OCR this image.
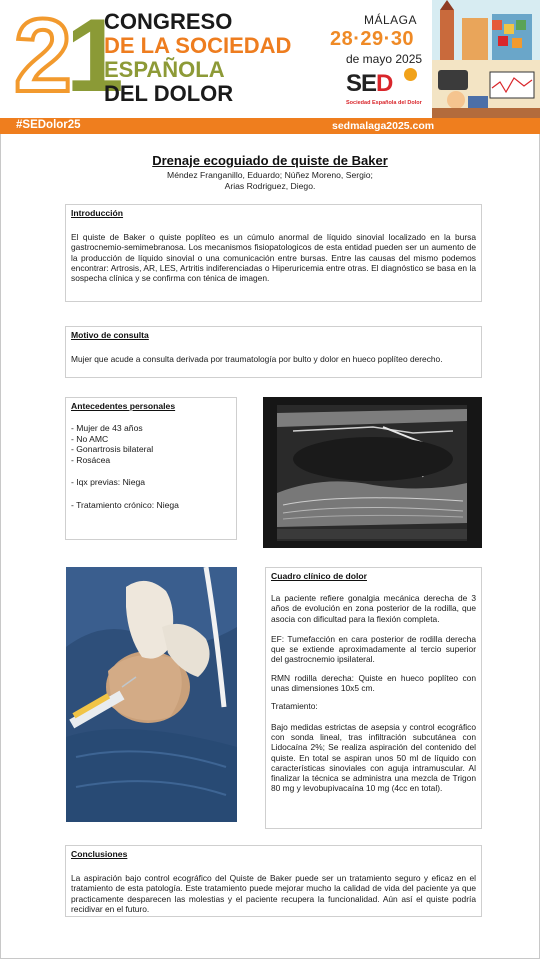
21
CONGRESO
DE LA SOCIEDAD
ESPAÑOLA
DEL DOLOR
MÁLAGA
28·29·30
de mayo 2025
SED
Sociedad Española del Dolor
#SEDolor25	sedmalaga2025.com
Drenaje ecoguiado de quiste de Baker
Méndez Franganillo, Eduardo; Núñez Moreno, Sergio;
Arias Rodriguez, Diego.
Introducción

El quiste de Baker o quiste poplíteo es un cúmulo anormal de líquido sinovial localizado en la bursa gastrocnemio-semimebranosa. Los mecanismos fisiopatologicos de esta entidad pueden ser un aumento de la producción de líquido sinovial o una comunicación entre bursas. Entre las causas del mismo podemos encontrar: Artrosis, AR, LES, Artritis indiferenciadas o Hiperuricemia entre otras. El diagnóstico se basa en la sospecha clínica y se confirma con ténica de imagen.

Motivo de consulta

Mujer que acude a consulta derivada por traumatología por bulto y dolor en hueco poplíteo derecho.

Antecedentes personales
- Mujer de 43 años
- No AMC
- Gonartrosis bilateral
- Rosácea
- Iqx previas: Niega
- Tratamiento crónico: Niega
Cuadro clínico de dolor

La paciente refiere gonalgia mecánica derecha de 3 años de evolución en zona posterior de la rodilla, que asocia con dificultad para la flexión completa.

EF: Tumefacción en cara posterior de rodilla derecha que se extiende aproximadamente al tercio superior del gastrocnemio ipsilateral.

RMN rodilla derecha: Quiste en hueco poplíteo con unas dimensiones 10x5 cm.

Tratamiento:

Bajo medidas estrictas de asepsia y control ecográfico con sonda lineal, tras infiltración subcutánea con Lidocaína 2%; Se realiza aspiración del contenido del quiste. En total se aspiran unos 50 ml de líquido con características sinoviales con aguja intramuscular. Al finalizar la técnica se administra una mezcla de Trigon 80 mg y levobupivacaína 10 mg (4cc en total).

Conclusiones

La aspiración bajo control ecográfico del Quiste de Baker puede ser un tratamiento seguro y eficaz en el tratamiento de esta patología. Este tratamiento puede mejorar mucho la calidad de vida del paciente ya que practicamente desparecen las molestias y el paciente recupera la funcionalidad. Aún así el quiste podría recidivar en el futuro.
